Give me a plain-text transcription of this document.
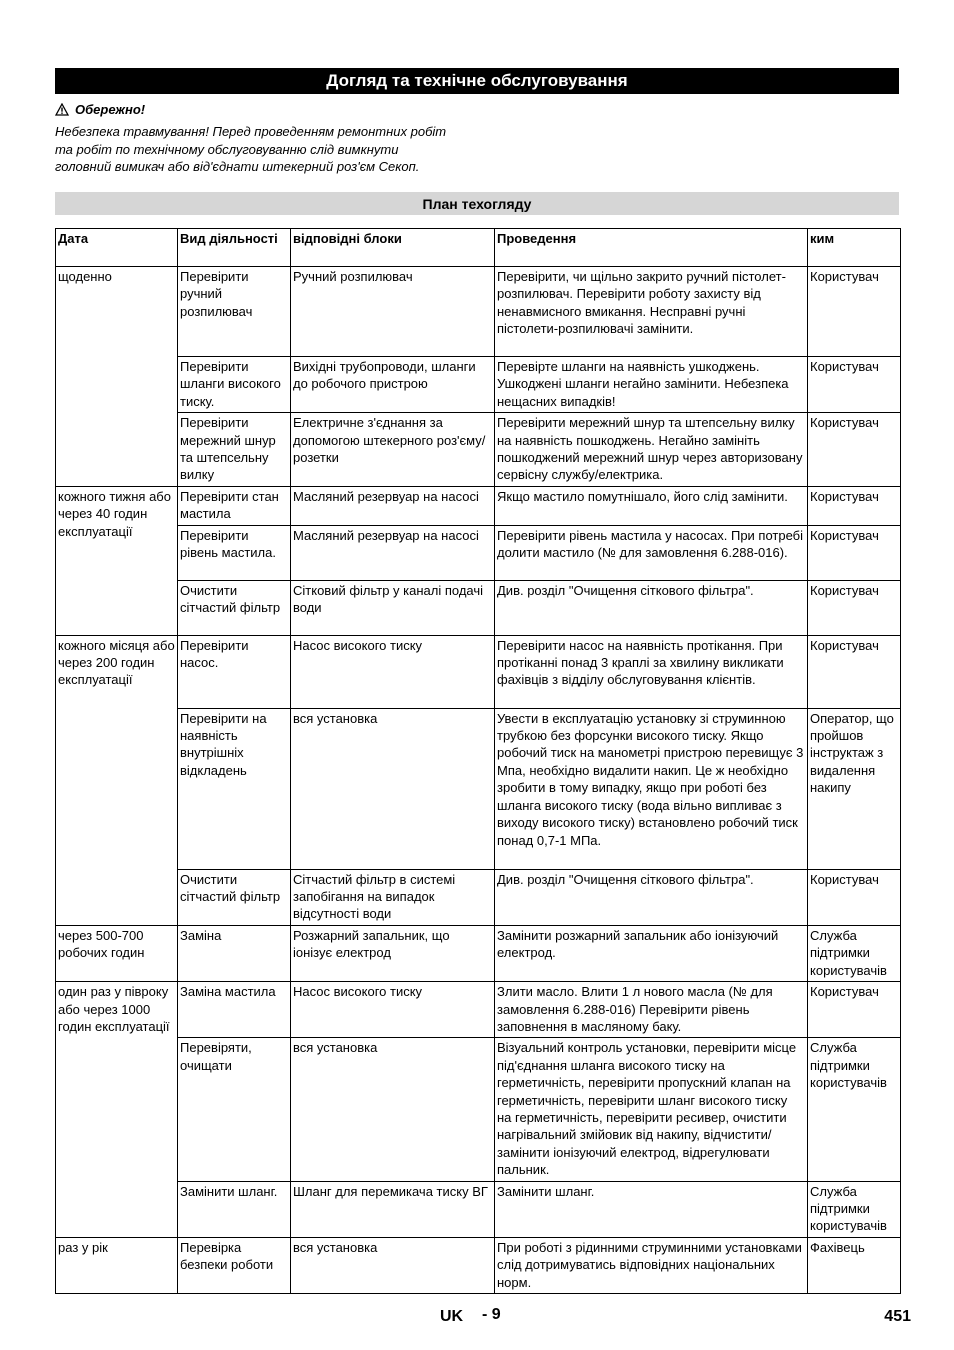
Догляд та технічне обслуговування
Обережно!
Небезпека травмування! Перед проведенням ремонтних робіт та робіт по технічному обслуговуванню слід вимкнути головний вимикач або від'єднати штекерний роз'єм Секоп.
План техогляду
Дата	Вид діяльності	відповідні блоки	Проведення	ким
щоденно	Перевірити ручний розпилювач	Ручний розпилювач	Перевірити, чи щільно закрито ручний пістолет-розпилювач. Перевірити роботу захисту від ненавмисного вмикання. Несправні ручні пістолети-розпилювачі замінити.	Користувач
	Перевірити шланги високого тиску.	Вихідні трубопроводи, шланги до робочого пристрою	Перевірте шланги на наявність ушкоджень. Ушкоджені шланги негайно замінити. Небезпека нещасних випадків!	Користувач
	Перевірити мережний шнур та штепсельну вилку	Електричне з'єднання за допомогою штекерного роз'єму/розетки	Перевірити мережний шнур та штепсельну вилку на наявність пошкоджень. Негайно замініть пошкоджений мережний шнур через авторизовану сервісну службу/електрика.	Користувач
кожного тижня або через 40 годин експлуатації	Перевірити стан мастила	Масляний резервуар на насосі	Якщо мастило помутнішало, його слід замінити.	Користувач
	Перевірити рівень мастила.	Масляний резервуар на насосі	Перевірити рівень мастила у насосах. При потребі долити мастило (№ для замовлення 6.288-016).	Користувач
	Очистити сітчастий фільтр	Сітковий фільтр у каналі подачі води	Див. розділ "Очищення сіткового фільтра".	Користувач
кожного місяця або через 200 годин експлуатації	Перевірити насос.	Насос високого тиску	Перевірити насос на наявність протікання. При протіканні понад 3 краплі за хвилину викликати фахівців з відділу обслуговування клієнтів.	Користувач
	Перевірити на наявність внутрішніх відкладень	вся установка	Увести в експлуатацію установку зі струминною трубкою без форсунки високого тиску. Якщо робочий тиск на манометрі пристрою перевищує 3 Мпа, необхідно видалити накип. Це ж необхідно зробити в тому випадку, якщо при роботі без шланга високого тиску (вода вільно випливає з виходу високого тиску) встановлено робочий тиск понад 0,7-1 МПа.	Оператор, що пройшов інструктаж з видалення накипу
	Очистити сітчастий фільтр	Сітчастий фільтр в системі запобігання на випадок відсутності води	Див. розділ "Очищення сіткового фільтра".	Користувач
через 500-700 робочих годин	Заміна	Розжарний запальник, що іонізує електрод	Замінити розжарний запальник або іонізуючий електрод.	Служба підтримки користувачів
один раз у півроку або через 1000 годин експлуатації	Заміна мастила	Насос високого тиску	Злити масло. Влити 1 л нового масла (№ для замовлення 6.288-016) Перевірити рівень заповнення в масляному баку.	Користувач
	Перевіряти, очищати	вся установка	Візуальний контроль установки, перевірити місце під'єднання шланга високого тиску на герметичність, перевірити пропускний клапан на герметичність, перевірити шланг високого тиску на герметичність, перевірити ресивер, очистити нагрівальний змійовик від накипу, відчистити/замінити іонізуючий електрод, відрегулювати пальник.	Служба підтримки користувачів
	Замінити шланг.	Шланг для перемикача тиску ВГ	Замінити шланг.	Служба підтримки користувачів
раз у рік	Перевірка безпеки роботи	вся установка	При роботі з рідинними струминними установками слід дотримуватись відповідних національних норм.	Фахівець
UK - 9	451
